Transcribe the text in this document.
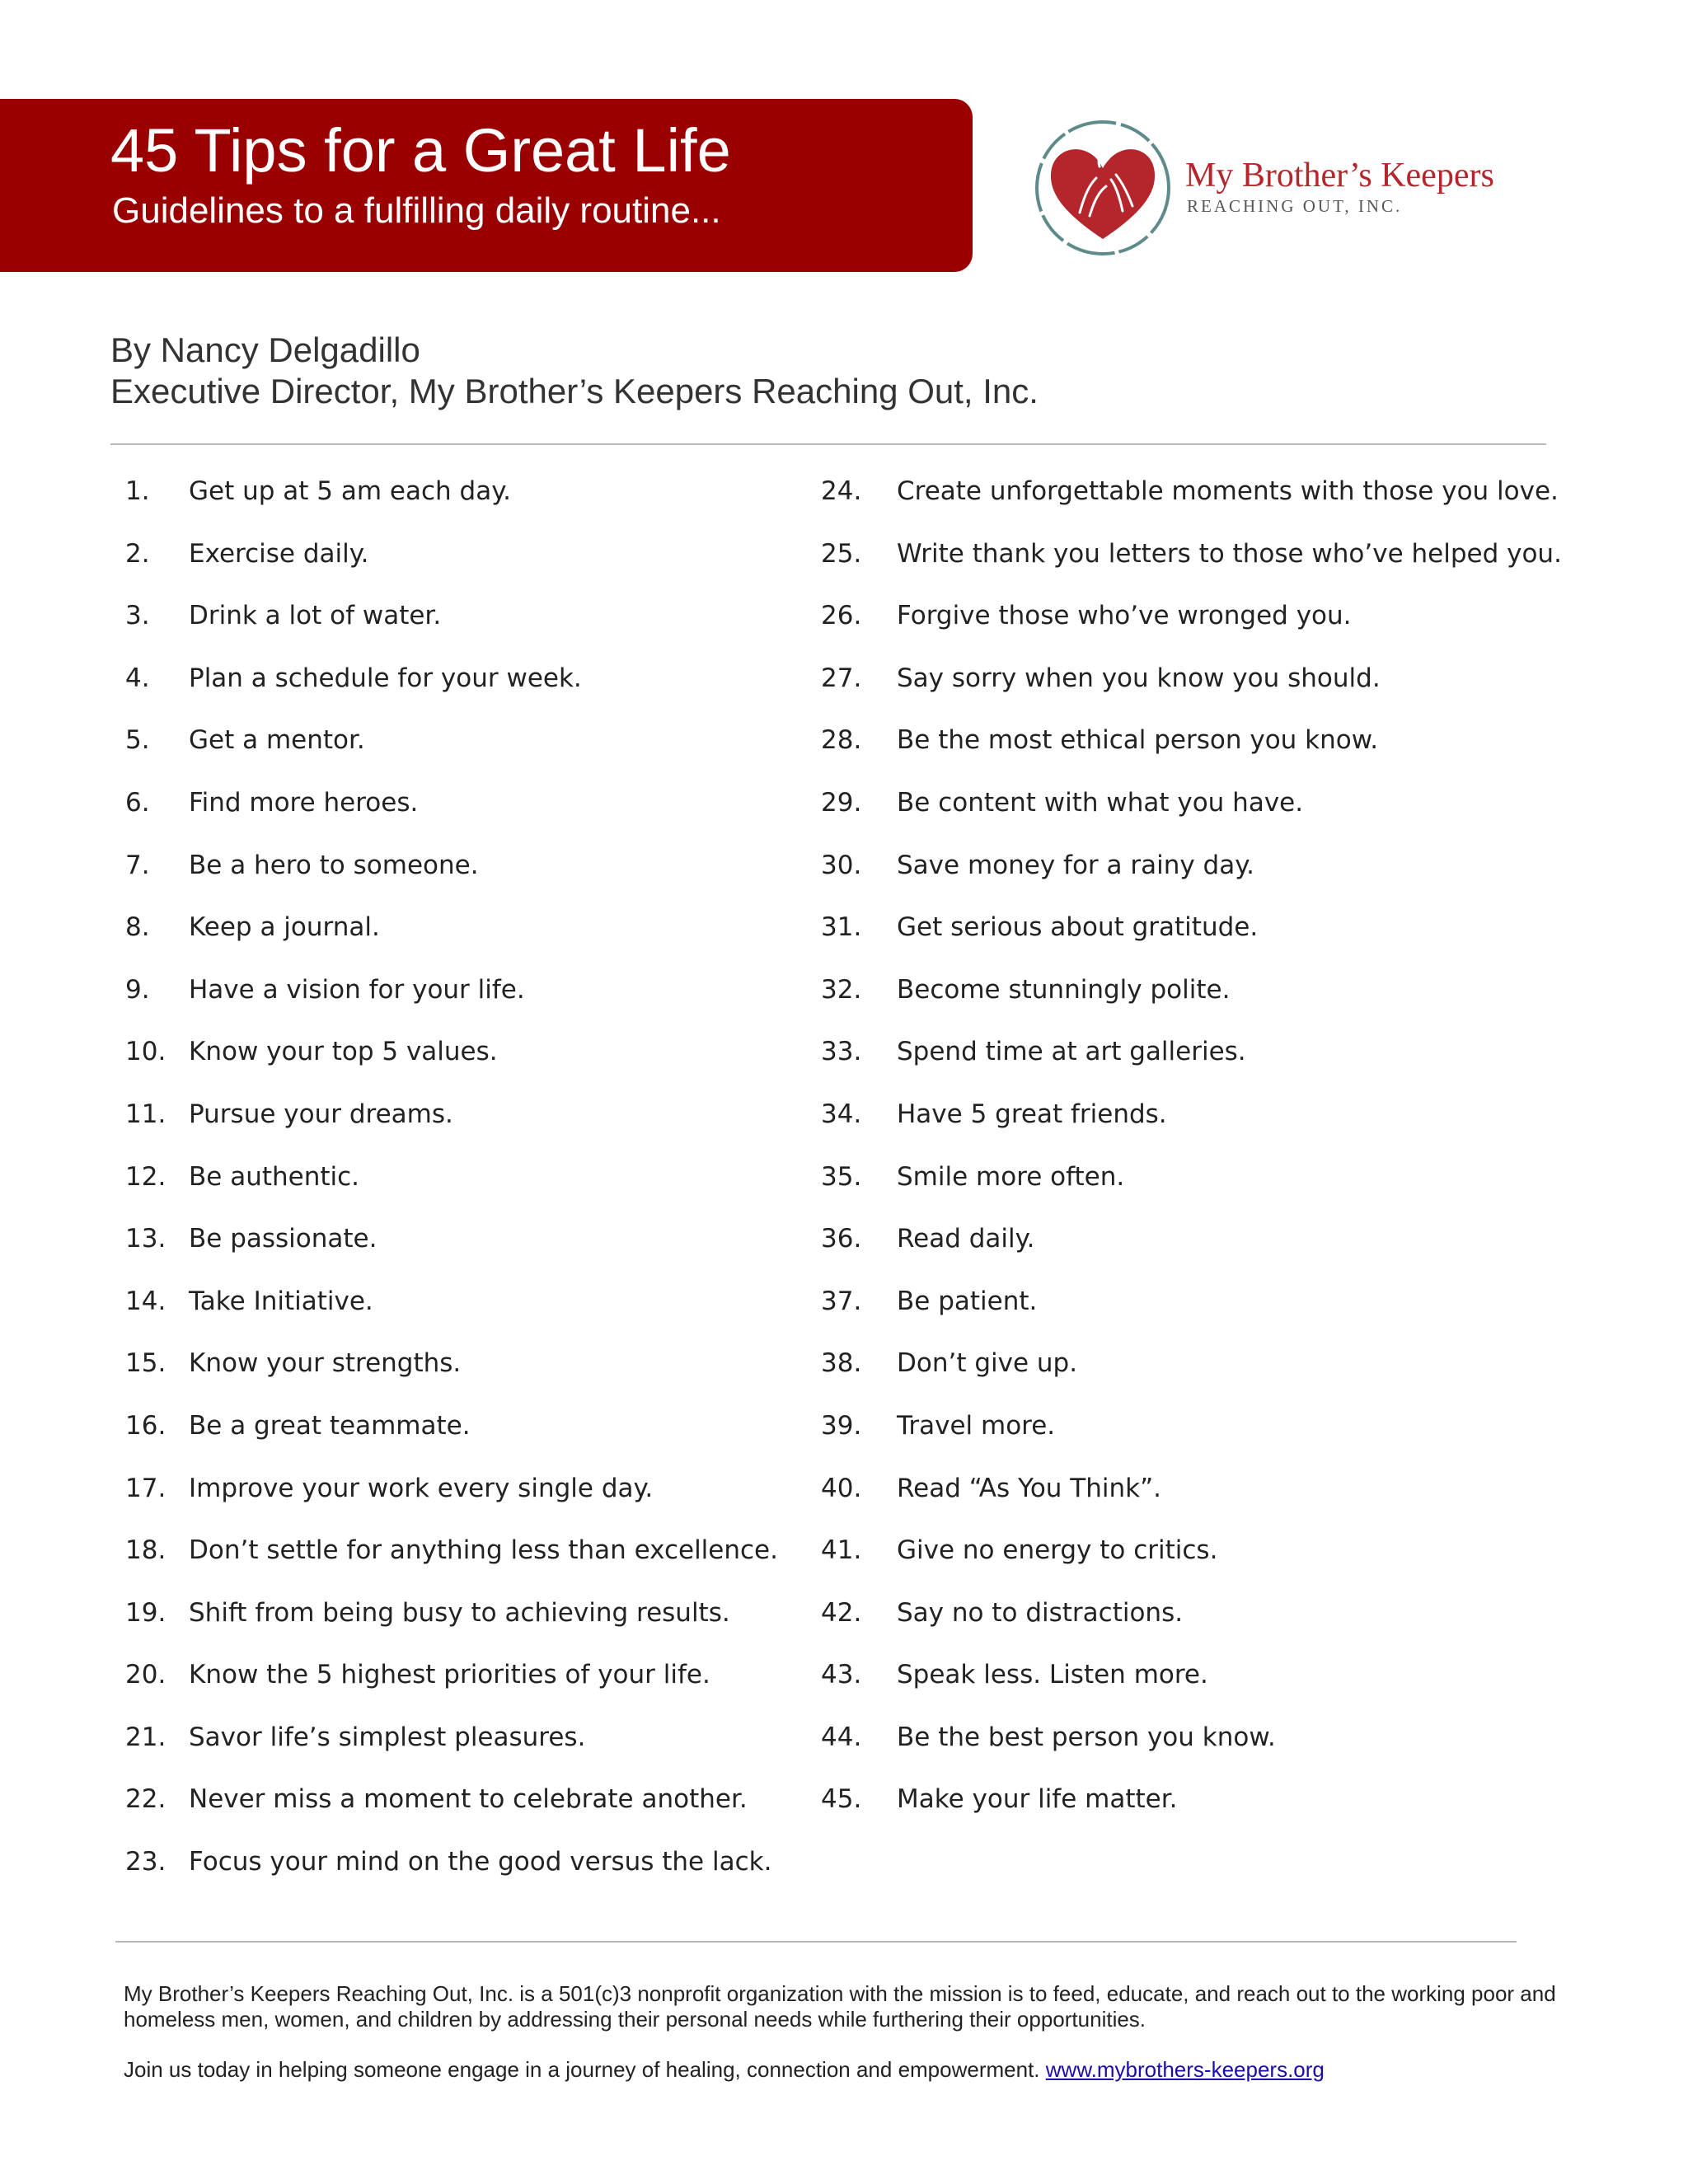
45 Tips for a Great Life
Guidelines to a fulfilling daily routine...
My Brother’s Keepers
REACHING OUT, INC.
By Nancy Delgadillo
Executive Director, My Brother’s Keepers Reaching Out, Inc.
1. Get up at 5 am each day.
2. Exercise daily.
3. Drink a lot of water.
4. Plan a schedule for your week.
5. Get a mentor.
6. Find more heroes.
7. Be a hero to someone.
8. Keep a journal.
9. Have a vision for your life.
10. Know your top 5 values.
11. Pursue your dreams.
12. Be authentic.
13. Be passionate.
14. Take Initiative.
15. Know your strengths.
16. Be a great teammate.
17. Improve your work every single day.
18. Don’t settle for anything less than excellence.
19. Shift from being busy to achieving results.
20. Know the 5 highest priorities of your life.
21. Savor life’s simplest pleasures.
22. Never miss a moment to celebrate another.
23. Focus your mind on the good versus the lack.
24. Create unforgettable moments with those you love.
25. Write thank you letters to those who’ve helped you.
26. Forgive those who’ve wronged you.
27. Say sorry when you know you should.
28. Be the most ethical person you know.
29. Be content with what you have.
30. Save money for a rainy day.
31. Get serious about gratitude.
32. Become stunningly polite.
33. Spend time at art galleries.
34. Have 5 great friends.
35. Smile more often.
36. Read daily.
37. Be patient.
38. Don’t give up.
39. Travel more.
40. Read “As You Think”.
41. Give no energy to critics.
42. Say no to distractions.
43. Speak less. Listen more.
44. Be the best person you know.
45. Make your life matter.

My Brother’s Keepers Reaching Out, Inc. is a 501(c)3 nonprofit organization with the mission is to feed, educate, and reach out to the working poor and homeless men, women, and children by addressing their personal needs while furthering their opportunities.

Join us today in helping someone engage in a journey of healing, connection and empowerment. www.mybrothers-keepers.org
